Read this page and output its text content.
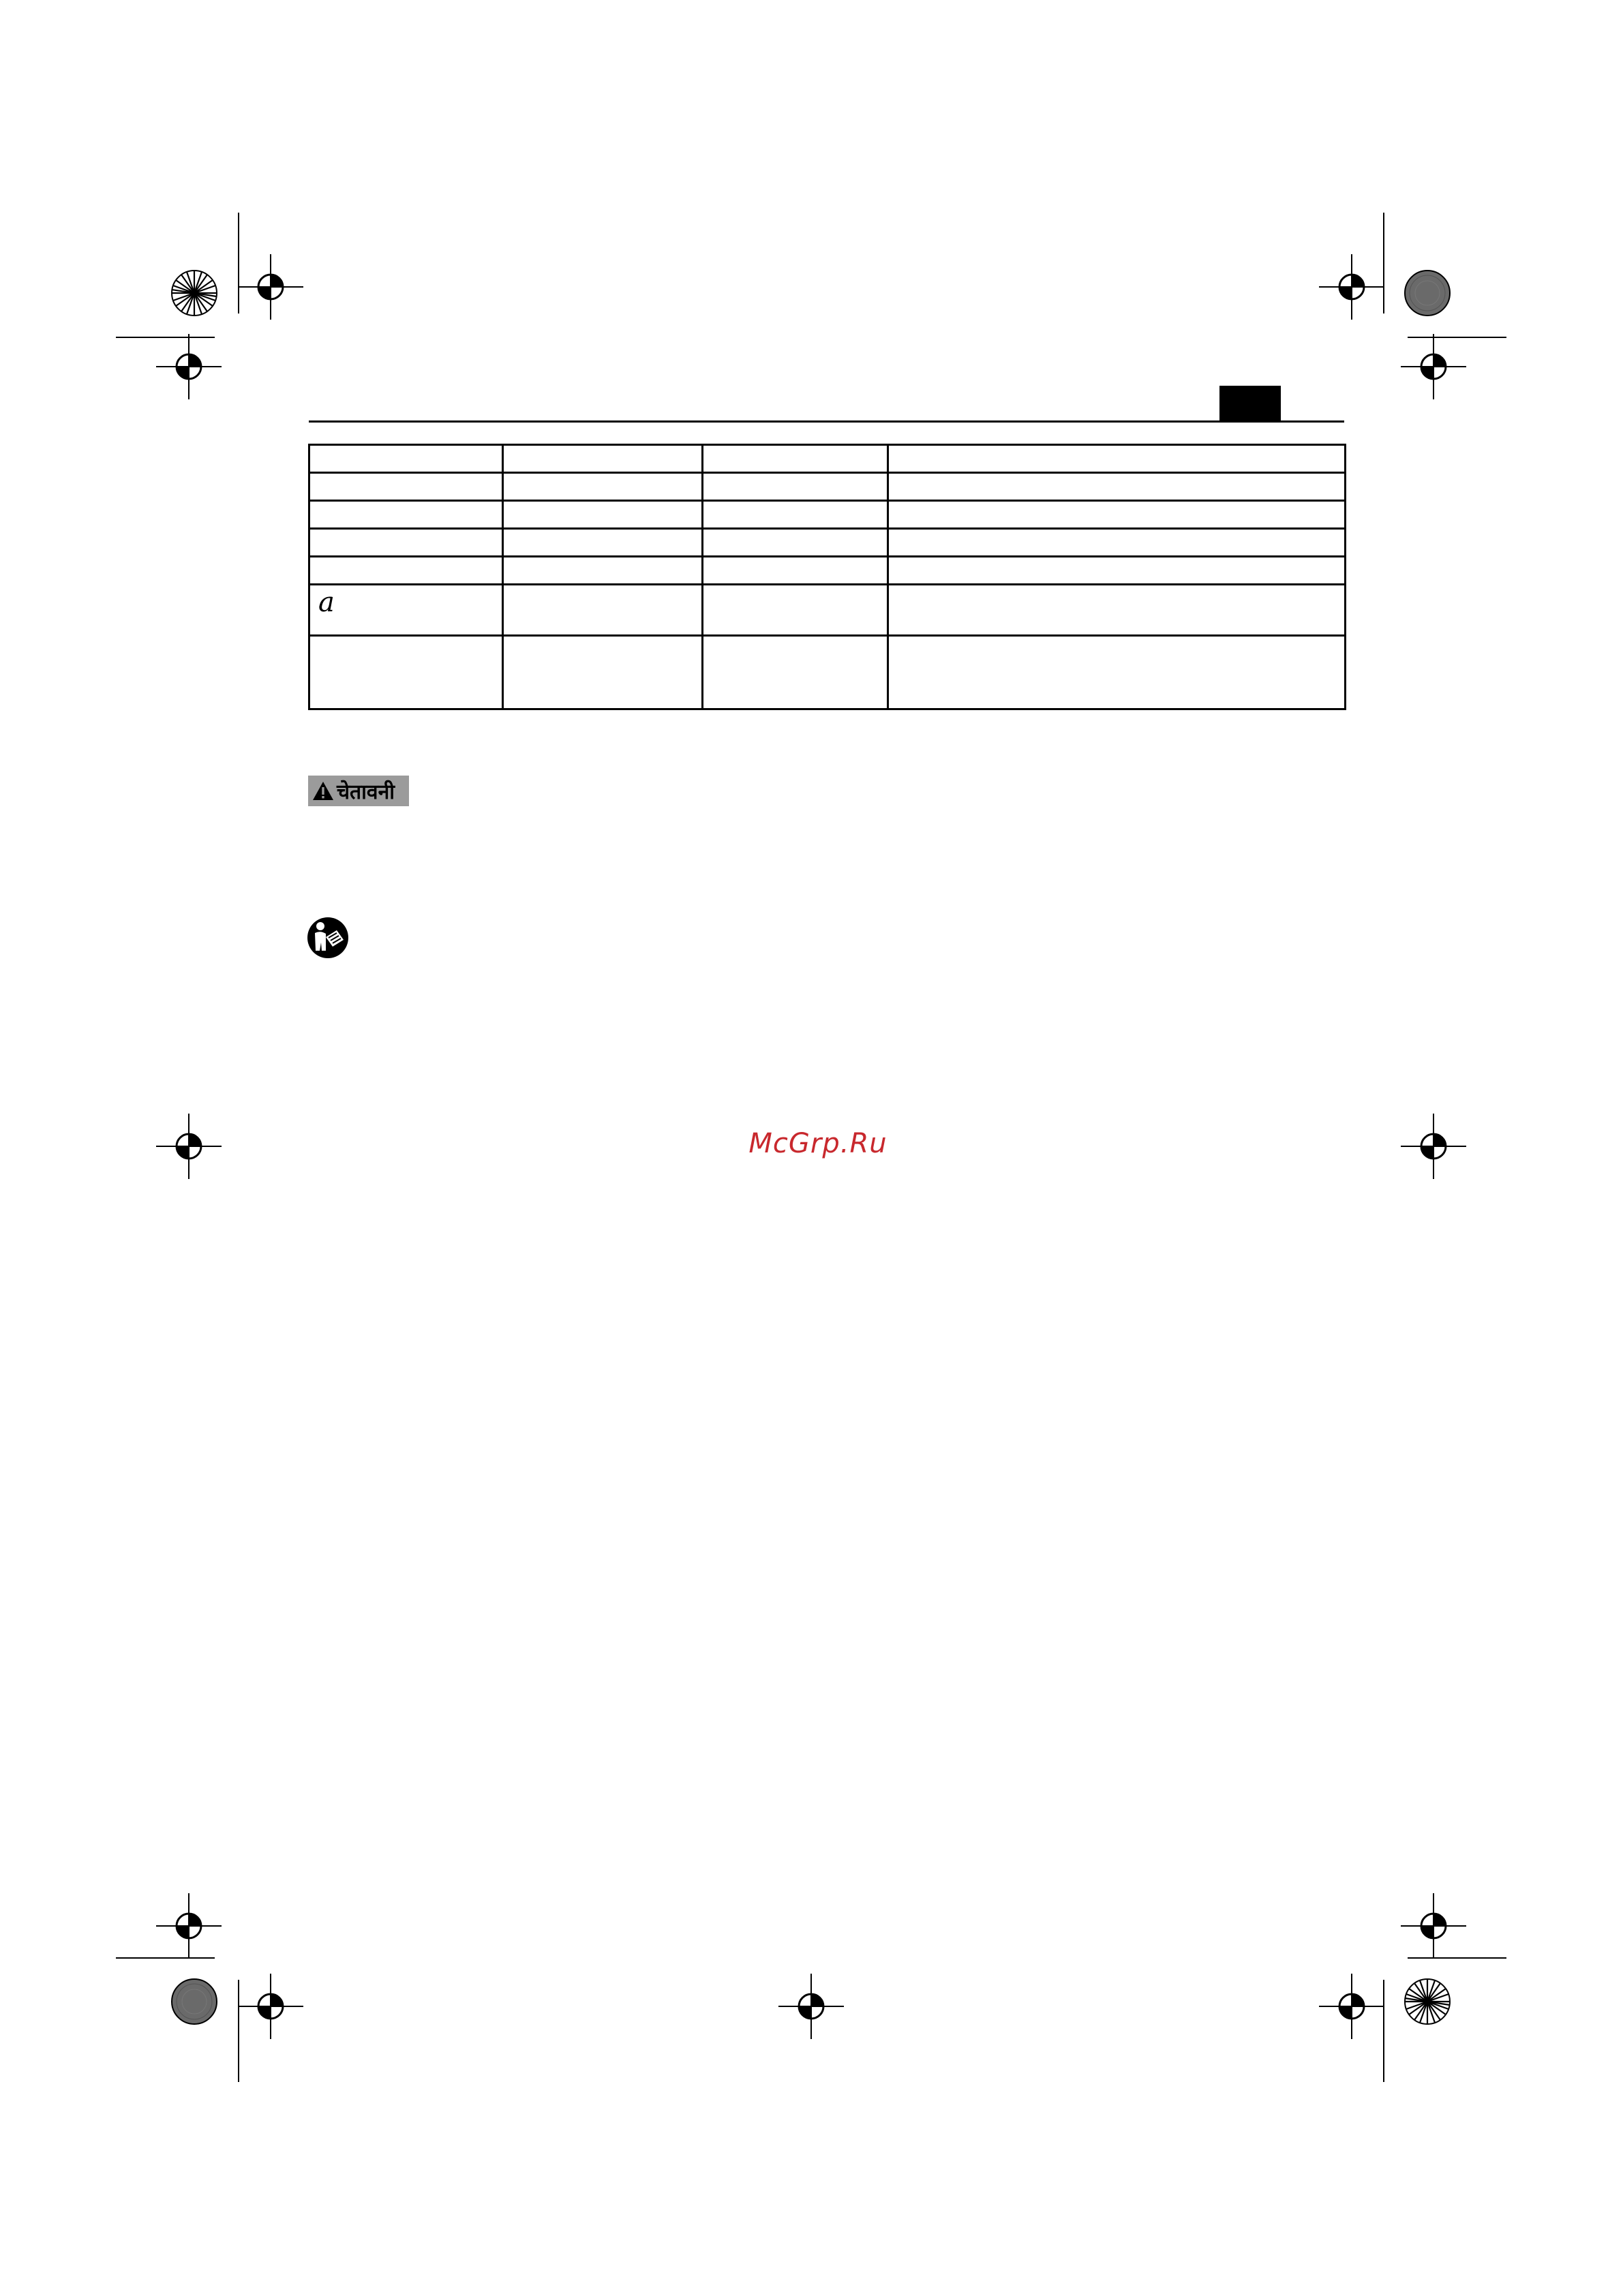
a			

चेतावनी
McGrp.Ru
